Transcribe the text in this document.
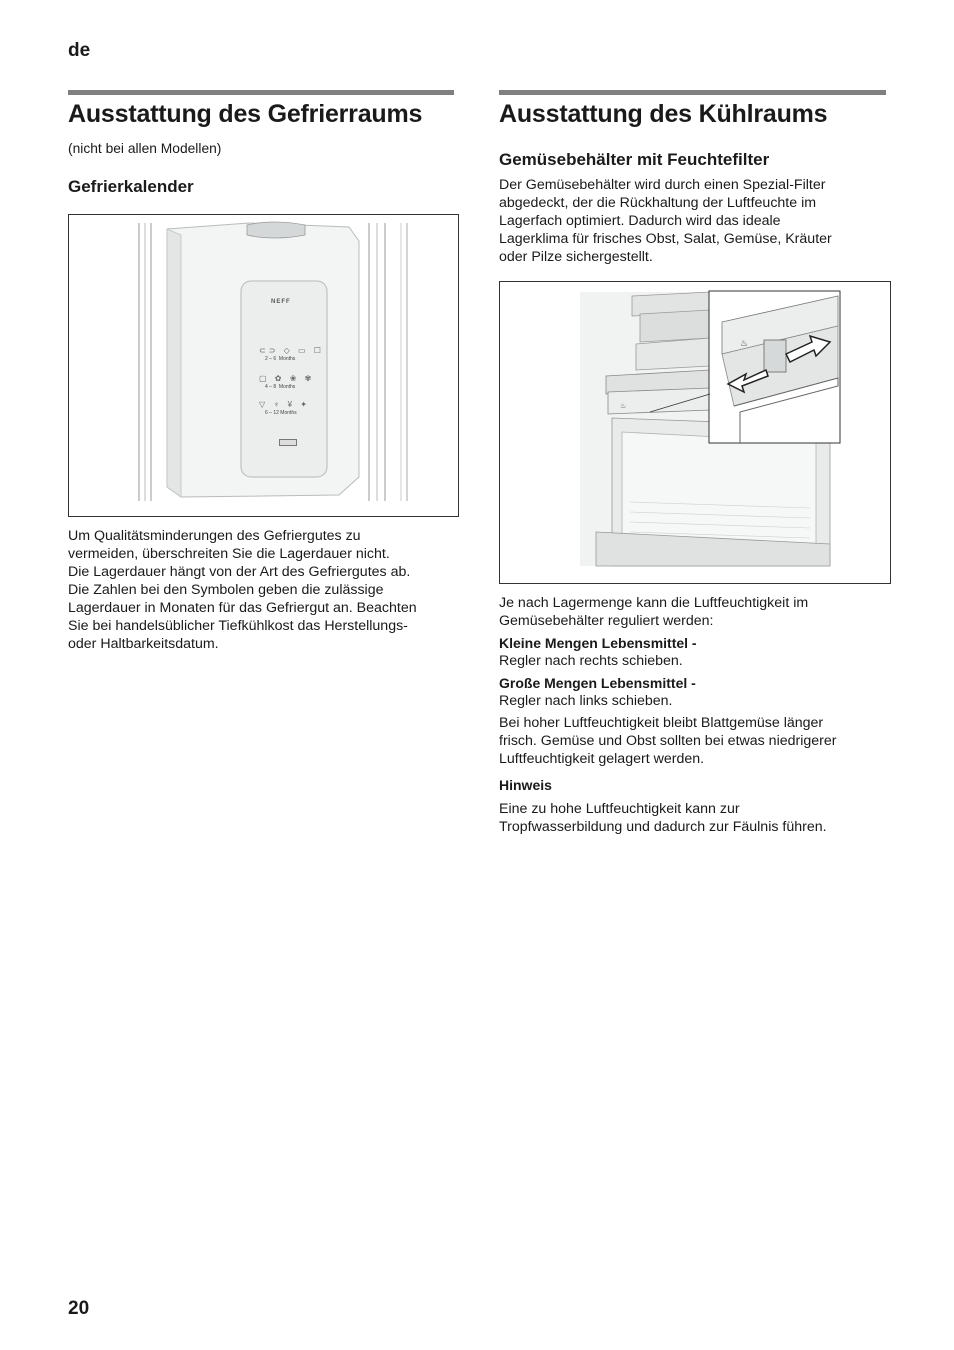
de
20
Ausstattung des Gefrierraums
(nicht bei allen Modellen)
Gefrierkalender
NEFF
⊂⊃ ◇ ▭ ☐
2 – 6  Months
▢ ✿ ❀ ✾
4 – 8  Months
▽ ♆ ¥ ✦
6 – 12 Months
Um Qualitätsminderungen des Gefriergutes zu
vermeiden, überschreiten Sie die Lagerdauer nicht.
Die Lagerdauer hängt von der Art des Gefriergutes ab.
Die Zahlen bei den Symbolen geben die zulässige
Lagerdauer in Monaten für das Gefriergut an. Beachten
Sie bei handelsüblicher Tiefkühlkost das Herstellungs-
oder Haltbarkeitsdatum.
Ausstattung des Kühlraums
Gemüsebehälter mit Feuchtefilter
Der Gemüsebehälter wird durch einen Spezial-Filter
abgedeckt, der die Rückhaltung der Luftfeuchte im
Lagerfach optimiert. Dadurch wird das ideale
Lagerklima für frisches Obst, Salat, Gemüse, Kräuter
oder Pilze sichergestellt.
♨
♨
Je nach Lagermenge kann die Luftfeuchtigkeit im
Gemüsebehälter reguliert werden:
Kleine Mengen Lebensmittel -
Regler nach rechts schieben.
Große Mengen Lebensmittel -
Regler nach links schieben.
Bei hoher Luftfeuchtigkeit bleibt Blattgemüse länger
frisch. Gemüse und Obst sollten bei etwas niedrigerer
Luftfeuchtigkeit gelagert werden.
Hinweis
Eine zu hohe Luftfeuchtigkeit kann zur
Tropfwasserbildung und dadurch zur Fäulnis führen.
